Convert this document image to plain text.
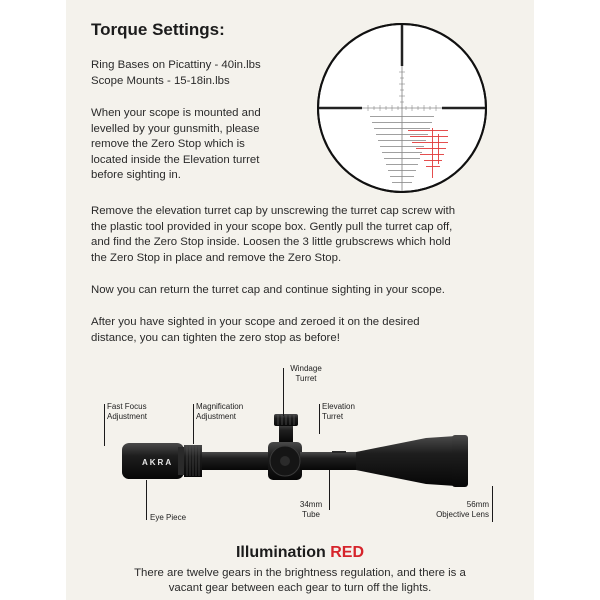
Torque Settings:
Ring Bases on Picattiny - 40in.lbs
Scope Mounts - 15-18in.lbs
When your scope is mounted and
levelled by your gunsmith, please
remove the Zero Stop which is
located inside the Elevation turret
before sighting in.
Remove the elevation turret cap by unscrewing the turret cap screw with
the plastic tool provided in your scope box. Gently pull the turret cap off,
and find the Zero Stop inside. Loosen the 3 little grubscrews which hold
the Zero Stop in place and remove the Zero Stop.
Now you can return the turret cap and continue sighting in your scope.
After you have sighted in your scope and zeroed it on the desired
distance, you can tighten the zero stop as before!
AKRA
Windage
Turret
Fast Focus
Adjustment
Magnification
Adjustment
Elevation
Turret
Eye Piece
34mm
Tube
56mm
Objective Lens
Illumination RED
There are twelve gears in the brightness regulation, and there is a
vacant gear between each gear to turn off the lights.
